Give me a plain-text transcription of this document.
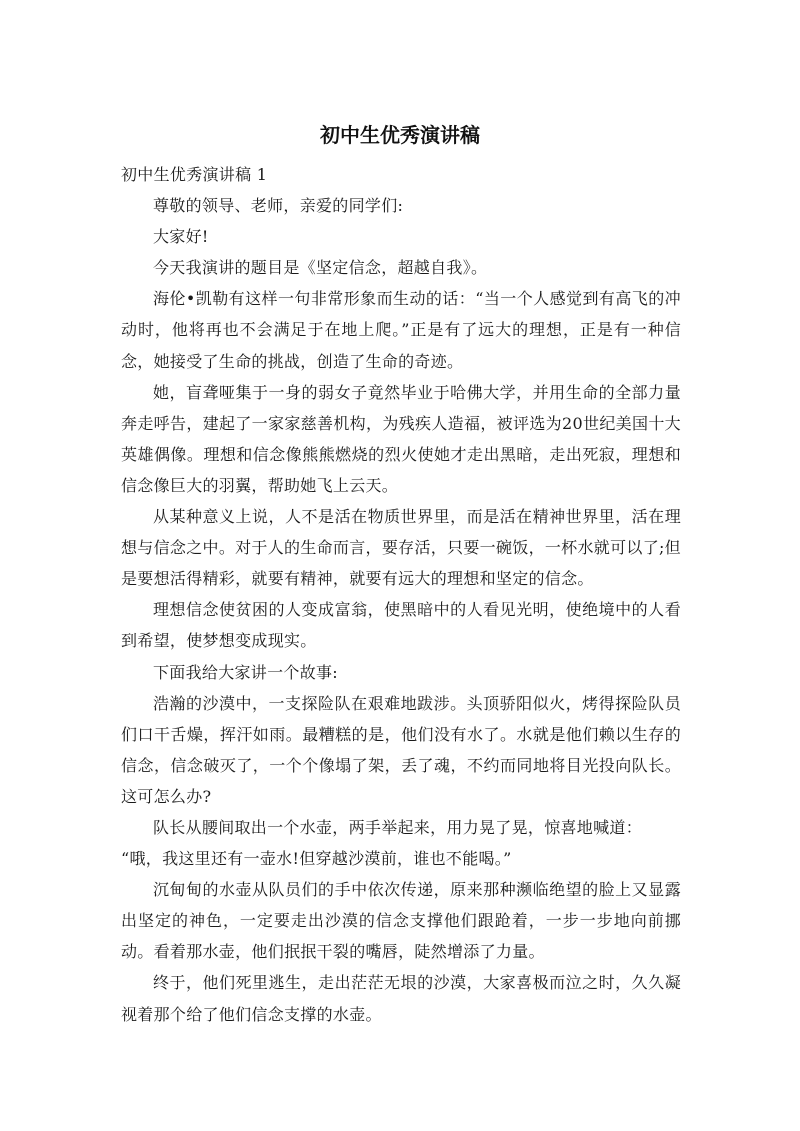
初中生优秀演讲稿

初中生优秀演讲稿 1

尊敬的领导、老师，亲爱的同学们:

大家好!

今天我演讲的题目是《坚定信念，超越自我》。

海伦•凯勒有这样一句非常形象而生动的话：“当一个人感觉到有高飞的冲动时，他将再也不会满足于在地上爬。”正是有了远大的理想，正是有一种信念，她接受了生命的挑战，创造了生命的奇迹。

她，盲聋哑集于一身的弱女子竟然毕业于哈佛大学，并用生命的全部力量奔走呼告，建起了一家家慈善机构，为残疾人造福，被评选为20世纪美国十大英雄偶像。理想和信念像熊熊燃烧的烈火使她才走出黑暗，走出死寂，理想和信念像巨大的羽翼，帮助她飞上云天。

从某种意义上说，人不是活在物质世界里，而是活在精神世界里，活在理想与信念之中。对于人的生命而言，要存活，只要一碗饭，一杯水就可以了;但是要想活得精彩，就要有精神，就要有远大的理想和坚定的信念。

理想信念使贫困的人变成富翁，使黑暗中的人看见光明，使绝境中的人看到希望，使梦想变成现实。

下面我给大家讲一个故事:

浩瀚的沙漠中，一支探险队在艰难地跋涉。头顶骄阳似火，烤得探险队员们口干舌燥，挥汗如雨。最糟糕的是，他们没有水了。水就是他们赖以生存的信念，信念破灭了，一个个像塌了架，丢了魂，不约而同地将目光投向队长。这可怎么办?

队长从腰间取出一个水壶，两手举起来，用力晃了晃，惊喜地喊道：

“哦，我这里还有一壶水!但穿越沙漠前，谁也不能喝。”

沉甸甸的水壶从队员们的手中依次传递，原来那种濒临绝望的脸上又显露出坚定的神色，一定要走出沙漠的信念支撑他们跟跄着，一步一步地向前挪动。看着那水壶，他们抿抿干裂的嘴唇，陡然增添了力量。

终于，他们死里逃生，走出茫茫无垠的沙漠，大家喜极而泣之时，久久凝视着那个给了他们信念支撑的水壶。
